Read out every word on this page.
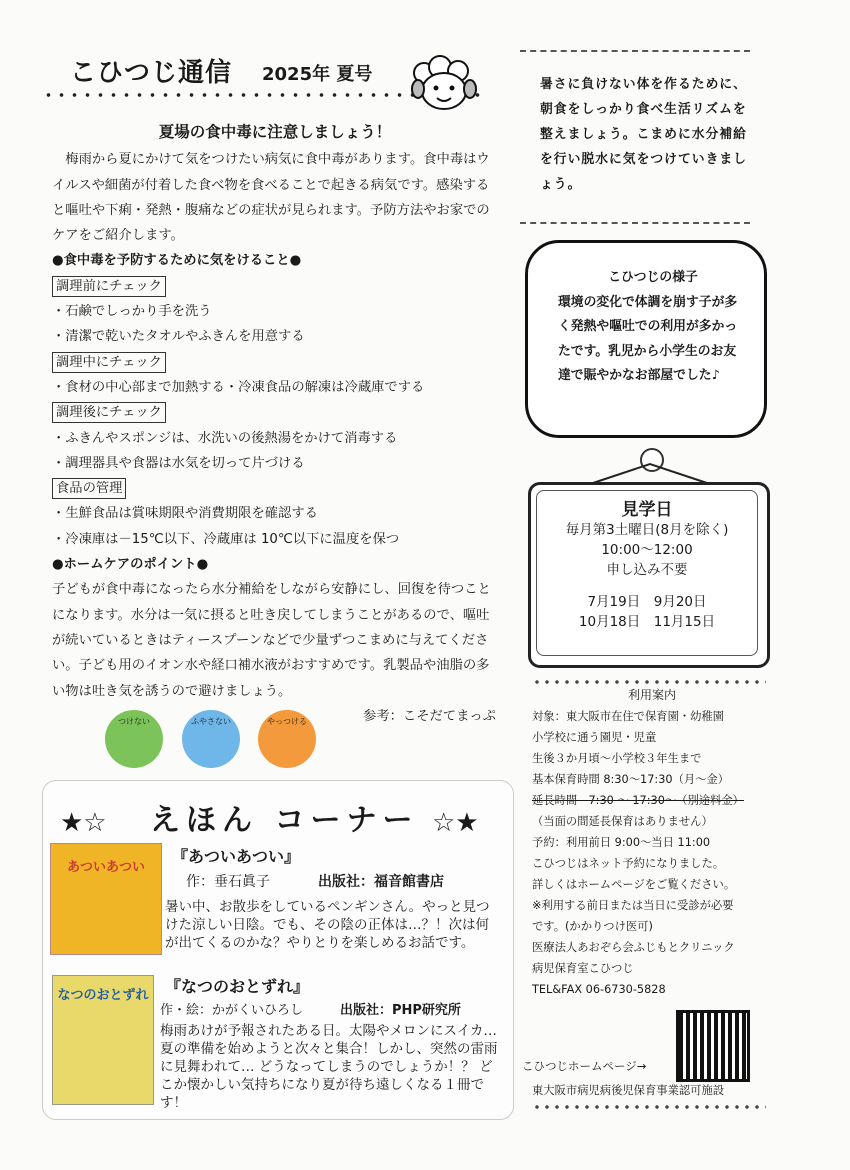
こひつじ通信 2025年 夏号
夏場の食中毒に注意しましょう！

梅雨から夏にかけて気をつけたい病気に食中毒があります。食中毒はウイルスや細菌が付着した食べ物を食べることで起きる病気です。感染すると嘔吐や下痢・発熱・腹痛などの症状が見られます。予防方法やお家でのケアをご紹介します。

●食中毒を予防するために気をけること●

調理前にチェック

・石鹸でしっかり手を洗う

・清潔で乾いたタオルやふきんを用意する

調理中にチェック

・食材の中心部まで加熱する・冷凍食品の解凍は冷蔵庫でする

調理後にチェック

・ふきんやスポンジは、水洗いの後熱湯をかけて消毒する

・調理器具や食器は水気を切って片づける

食品の管理

・生鮮食品は賞味期限や消費期限を確認する

・冷凍庫は－15℃以下、冷蔵庫は 10℃以下に温度を保つ

●ホームケアのポイント●

子どもが食中毒になったら水分補給をしながら安静にし、回復を待つことになります。水分は一気に摂ると吐き戻してしまうことがあるので、嘔吐が続いているときはティースプーンなどで少量ずつこまめに与えてください。子ども用のイオン水や経口補水液がおすすめです。乳製品や油脂の多い物は吐き気を誘うので避けましょう。

参考：こそだてまっぷ

つけない	ふやさない	やっつける
★☆ えほん コーナー ☆★
あついあつい
『あついあつい』
作：垂石眞子	出版社：福音館書店
暑い中、お散歩をしているペンギンさん。やっと見つけた涼しい日陰。でも、その陰の正体は…？！次は何が出てくるのかな？やりとりを楽しめるお話です。
なつのおとずれ 『なつのおとずれ』
作・絵：かがくいひろし	出版社：PHP研究所
梅雨あけが予報されたある日。太陽やメロンにスイカ…夏の準備を始めようと次々と集合！しかし、突然の雷雨に見舞われて… どうなってしまうのでしょうか！？ どこか懐かしい気持ちになり夏が待ち遠しくなる１冊です！
暑さに負けない体を作るために、朝食をしっかり食べ生活リズムを整えましょう。こまめに水分補給を行い脱水に気をつけていきましょう。
こひつじの様子
環境の変化で体調を崩す子が多く発熱や嘔吐での利用が多かったです。乳児から小学生のお友達で賑やかなお部屋でした♪
見学日
毎月第3土曜日(8月を除く)
10:00～12:00
申し込み不要
7月19日　9月20日
10月18日　11月15日
利用案内
対象：東大阪市在住で保育園・幼稚園
小学校に通う園児・児童
生後３か月頃～小学校３年生まで
基本保育時間 8:30～17:30（月～金）
延長時間　7:30 ～ 17:30～（別途料金）
（当面の間延長保育はありません）
予約：利用前日 9:00～当日 11:00
こひつじはネット予約になりました。
詳しくはホームページをご覧ください。
※利用する前日または当日に受診が必要
です。(かかりつけ医可)
医療法人あおぞら会ふじもとクリニック
病児保育室こひつじ
TEL&FAX 06-6730-5828
こひつじホームページ→
東大阪市病児病後児保育事業認可施設
